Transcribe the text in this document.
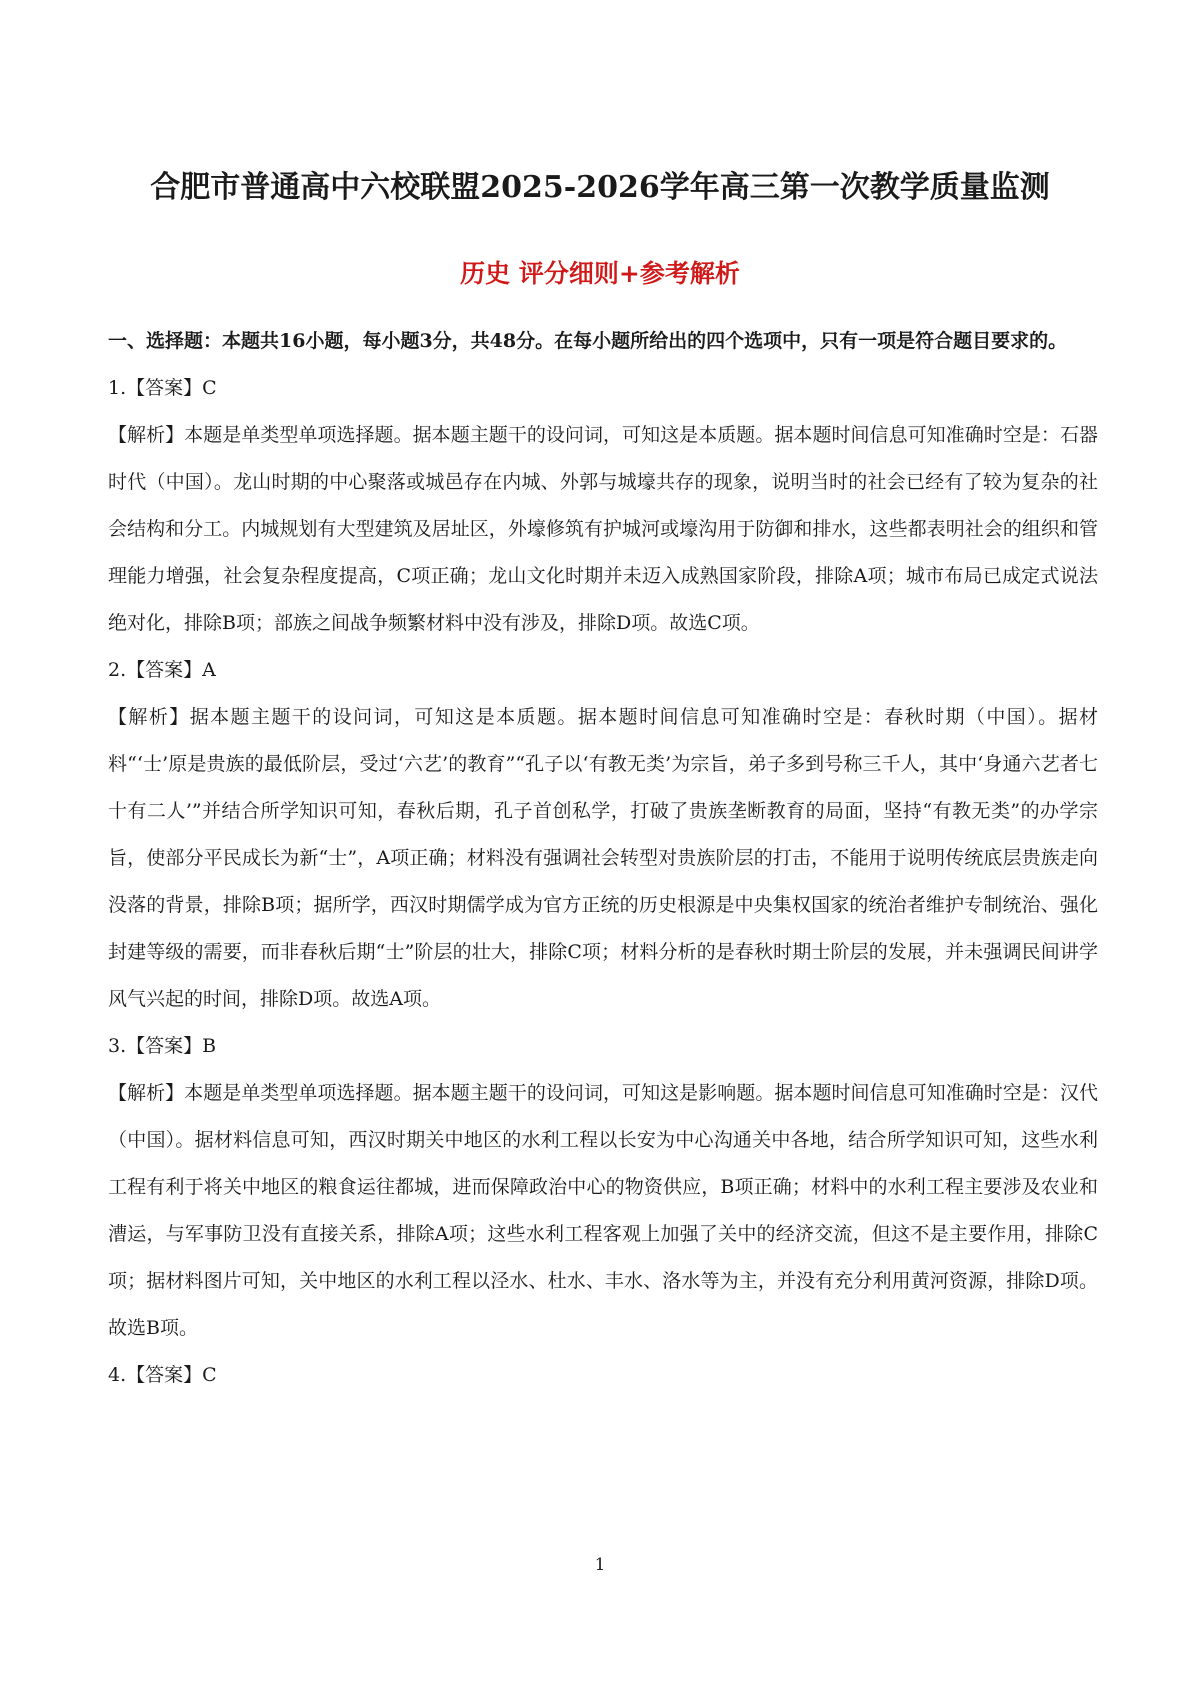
合肥市普通高中六校联盟2025-2026学年高三第一次教学质量监测
历史 评分细则+参考解析

一、选择题：本题共16小题，每小题3分，共48分。在每小题所给出的四个选项中，只有一项是符合题目要求的。

1.【答案】C

【解析】本题是单类型单项选择题。据本题主题干的设问词，可知这是本质题。据本题时间信息可知准确时空是：石器时代（中国）。龙山时期的中心聚落或城邑存在内城、外郭与城壕共存的现象，说明当时的社会已经有了较为复杂的社会结构和分工。内城规划有大型建筑及居址区，外壕修筑有护城河或壕沟用于防御和排水，这些都表明社会的组织和管理能力增强，社会复杂程度提高，C项正确；龙山文化时期并未迈入成熟国家阶段，排除A项；城市布局已成定式说法绝对化，排除B项；部族之间战争频繁材料中没有涉及，排除D项。故选C项。

2.【答案】A

【解析】据本题主题干的设问词，可知这是本质题。据本题时间信息可知准确时空是：春秋时期（中国）。据材料“‘士’原是贵族的最低阶层，受过‘六艺’的教育”“孔子以‘有教无类’为宗旨，弟子多到号称三千人，其中‘身通六艺者七十有二人’”并结合所学知识可知，春秋后期，孔子首创私学，打破了贵族垄断教育的局面，坚持“有教无类”的办学宗旨，使部分平民成长为新“士”，A项正确；材料没有强调社会转型对贵族阶层的打击，不能用于说明传统底层贵族走向没落的背景，排除B项；据所学，西汉时期儒学成为官方正统的历史根源是中央集权国家的统治者维护专制统治、强化封建等级的需要，而非春秋后期“士”阶层的壮大，排除C项；材料分析的是春秋时期士阶层的发展，并未强调民间讲学风气兴起的时间，排除D项。故选A项。

3.【答案】B

【解析】本题是单类型单项选择题。据本题主题干的设问词，可知这是影响题。据本题时间信息可知准确时空是：汉代（中国）。据材料信息可知，西汉时期关中地区的水利工程以长安为中心沟通关中各地，结合所学知识可知，这些水利工程有利于将关中地区的粮食运往都城，进而保障政治中心的物资供应，B项正确；材料中的水利工程主要涉及农业和漕运，与军事防卫没有直接关系，排除A项；这些水利工程客观上加强了关中的经济交流，但这不是主要作用，排除C项；据材料图片可知，关中地区的水利工程以泾水、杜水、丰水、洛水等为主，并没有充分利用黄河资源，排除D项。故选B项。

4.【答案】C

1
